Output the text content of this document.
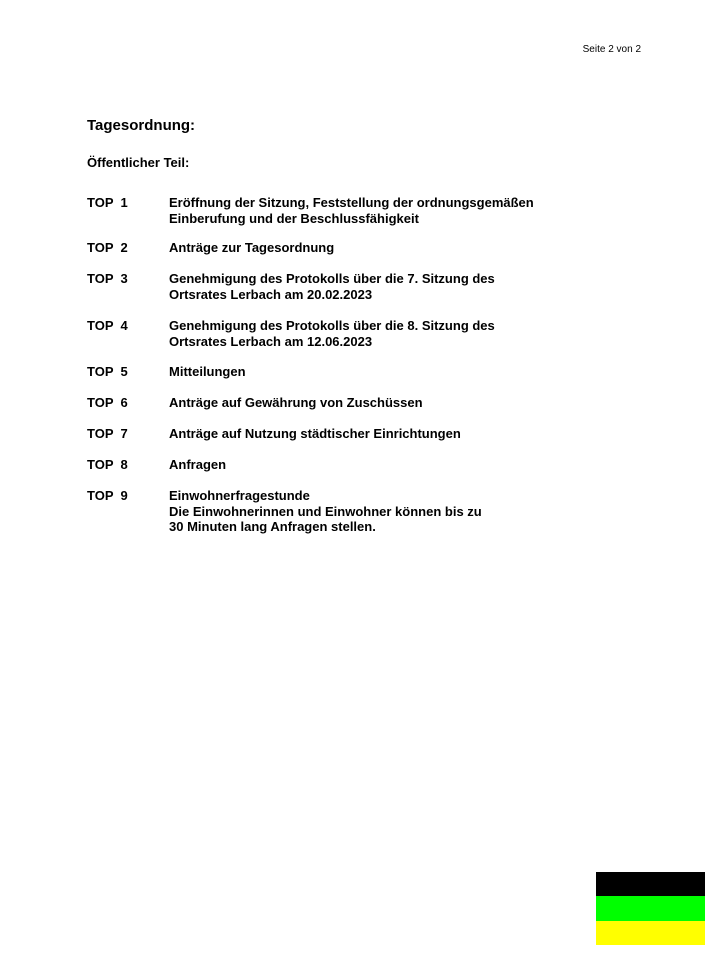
Seite 2 von 2
Tagesordnung:
Öffentlicher Teil:
TOP  1	Eröffnung der Sitzung, Feststellung der ordnungsgemäßen
Einberufung und der Beschlussfähigkeit
TOP  2	Anträge zur Tagesordnung
TOP  3	Genehmigung des Protokolls über die 7. Sitzung des
Ortsrates Lerbach am 20.02.2023
TOP  4	Genehmigung des Protokolls über die 8. Sitzung des
Ortsrates Lerbach am 12.06.2023
TOP  5	Mitteilungen
TOP  6	Anträge auf Gewährung von Zuschüssen
TOP  7	Anträge auf Nutzung städtischer Einrichtungen
TOP  8	Anfragen
TOP  9	Einwohnerfragestunde
Die Einwohnerinnen und Einwohner können bis zu
30 Minuten lang Anfragen stellen.
